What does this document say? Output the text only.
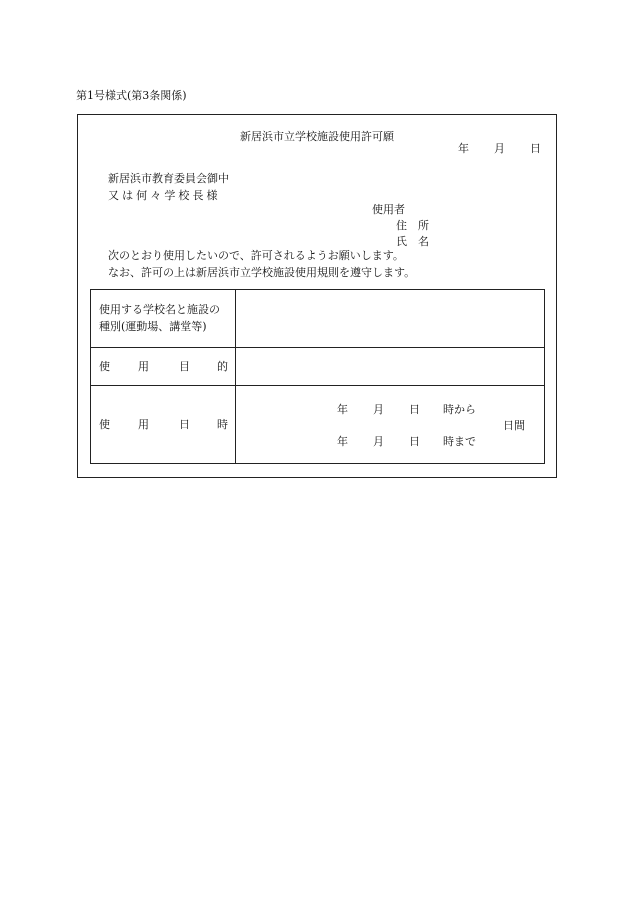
第1号様式(第3条関係)
新居浜市立学校施設使用許可願
年 月 日
新居浜市教育委員会御中
又は何々学校長様
使用者
住　所
氏　名
次のとおり使用したいので、許可されるようお願いします。
なお、許可の上は新居浜市立学校施設使用規則を遵守します。
使用する学校名と施設の
種別(運動場、講堂等)
使	用	目 的
使	用	日 時
年 月 日 時から
日間
年 月 日 時まで
